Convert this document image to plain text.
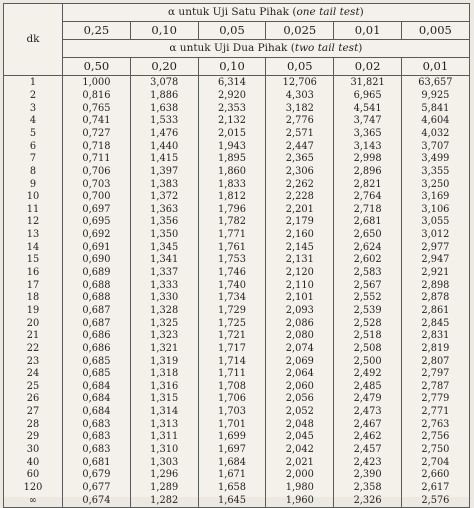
dk	α untuk Uji Satu Pihak (one tail test)					
	0,25	0,10	0,05	0,025	0,01	0,005
	α untuk Uji Dua Pihak (two tail test)					
	0,50	0,20	0,10	0,05	0,02	0,01
1	1,000	3,078	6,314	12,706	31,821	63,657
2	0,816	1,886	2,920	4,303	6,965	9,925
3	0,765	1,638	2,353	3,182	4,541	5,841
4	0,741	1,533	2,132	2,776	3,747	4,604
5	0,727	1,476	2,015	2,571	3,365	4,032
6	0,718	1,440	1,943	2,447	3,143	3,707
7	0,711	1,415	1,895	2,365	2,998	3,499
8	0,706	1,397	1,860	2,306	2,896	3,355
9	0,703	1,383	1,833	2,262	2,821	3,250
10	0,700	1,372	1,812	2,228	2,764	3,169
11	0,697	1,363	1,796	2,201	2,718	3,106
12	0,695	1,356	1,782	2,179	2,681	3,055
13	0,692	1,350	1,771	2,160	2,650	3,012
14	0,691	1,345	1,761	2,145	2,624	2,977
15	0,690	1,341	1,753	2,131	2,602	2,947
16	0,689	1,337	1,746	2,120	2,583	2,921
17	0,688	1,333	1,740	2,110	2,567	2,898
18	0,688	1,330	1,734	2,101	2,552	2,878
19	0,687	1,328	1,729	2,093	2,539	2,861
20	0,687	1,325	1,725	2,086	2,528	2,845
21	0,686	1,323	1,721	2,080	2,518	2,831
22	0,686	1,321	1,717	2,074	2,508	2,819
23	0,685	1,319	1,714	2,069	2,500	2,807
24	0,685	1,318	1,711	2,064	2,492	2,797
25	0,684	1,316	1,708	2,060	2,485	2,787
26	0,684	1,315	1,706	2,056	2,479	2,779
27	0,684	1,314	1,703	2,052	2,473	2,771
28	0,683	1,313	1,701	2,048	2,467	2,763
29	0,683	1,311	1,699	2,045	2,462	2,756
30	0,683	1,310	1,697	2,042	2,457	2,750
40	0,681	1,303	1,684	2,021	2,423	2,704
60	0,679	1,296	1,671	2,000	2,390	2,660
120	0,677	1,289	1,658	1,980	2,358	2,617
∞	0,674	1,282	1,645	1,960	2,326	2,576
